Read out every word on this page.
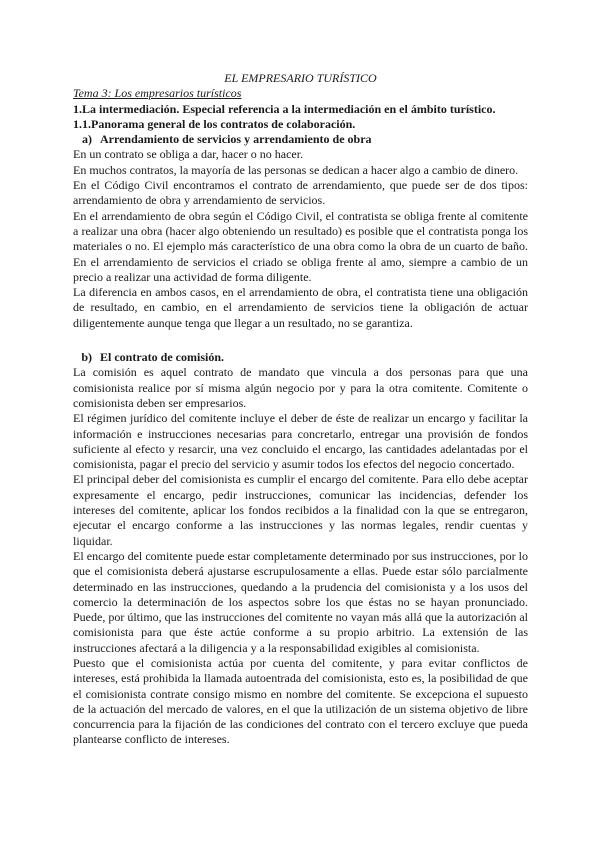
EL EMPRESARIO TURÍSTICO

Tema 3: Los empresarios turísticos

1.La intermediación. Especial referencia a la intermediación en el ámbito turístico.

1.1.Panorama general de los contratos de colaboración.

a) Arrendamiento de servicios y arrendamiento de obra

En un contrato se obliga a dar, hacer o no hacer.

En muchos contratos, la mayoría de las personas se dedican a hacer algo a cambio de dinero.

En el Código Civil encontramos el contrato de arrendamiento, que puede ser de dos tipos: arrendamiento de obra y arrendamiento de servicios.

En el arrendamiento de obra según el Código Civil, el contratista se obliga frente al comitente a realizar una obra (hacer algo obteniendo un resultado) es posible que el contratista ponga los materiales o no. El ejemplo más característico de una obra como la obra de un cuarto de baño. En el arrendamiento de servicios el criado se obliga frente al amo, siempre a cambio de un precio a realizar una actividad de forma diligente.

La diferencia en ambos casos, en el arrendamiento de obra, el contratista tiene una obligación de resultado, en cambio, en el arrendamiento de servicios tiene la obligación de actuar diligentemente aunque tenga que llegar a un resultado, no se garantiza.

b) El contrato de comisión.

La comisión es aquel contrato de mandato que vincula a dos personas para que una comisionista realice por sí misma algún negocio por y para la otra comitente. Comitente o comisionista deben ser empresarios.

El régimen jurídico del comitente incluye el deber de éste de realizar un encargo y facilitar la información e instrucciones necesarias para concretarlo, entregar una provisión de fondos suficiente al efecto y resarcir, una vez concluido el encargo, las cantidades adelantadas por el comisionista, pagar el precio del servicio y asumir todos los efectos del negocio concertado.

El principal deber del comisionista es cumplir el encargo del comitente. Para ello debe aceptar expresamente el encargo, pedir instrucciones, comunicar las incidencias, defender los intereses del comitente, aplicar los fondos recibidos a la finalidad con la que se entregaron, ejecutar el encargo conforme a las instrucciones y las normas legales, rendir cuentas y liquidar.

El encargo del comitente puede estar completamente determinado por sus instrucciones, por lo que el comisionista deberá ajustarse escrupulosamente a ellas. Puede estar sólo parcialmente determinado en las instrucciones, quedando a la prudencia del comisionista y a los usos del comercio la determinación de los aspectos sobre los que éstas no se hayan pronunciado. Puede, por último, que las instrucciones del comitente no vayan más allá que la autorización al comisionista para que éste actúe conforme a su propio arbitrio. La extensión de las instrucciones afectará a la diligencia y a la responsabilidad exigibles al comisionista.

Puesto que el comisionista actúa por cuenta del comitente, y para evitar conflictos de intereses, está prohibida la llamada autoentrada del comisionista, esto es, la posibilidad de que el comisionista contrate consigo mismo en nombre del comitente. Se excepciona el supuesto de la actuación del mercado de valores, en el que la utilización de un sistema objetivo de libre concurrencia para la fijación de las condiciones del contrato con el tercero excluye que pueda plantearse conflicto de intereses.
